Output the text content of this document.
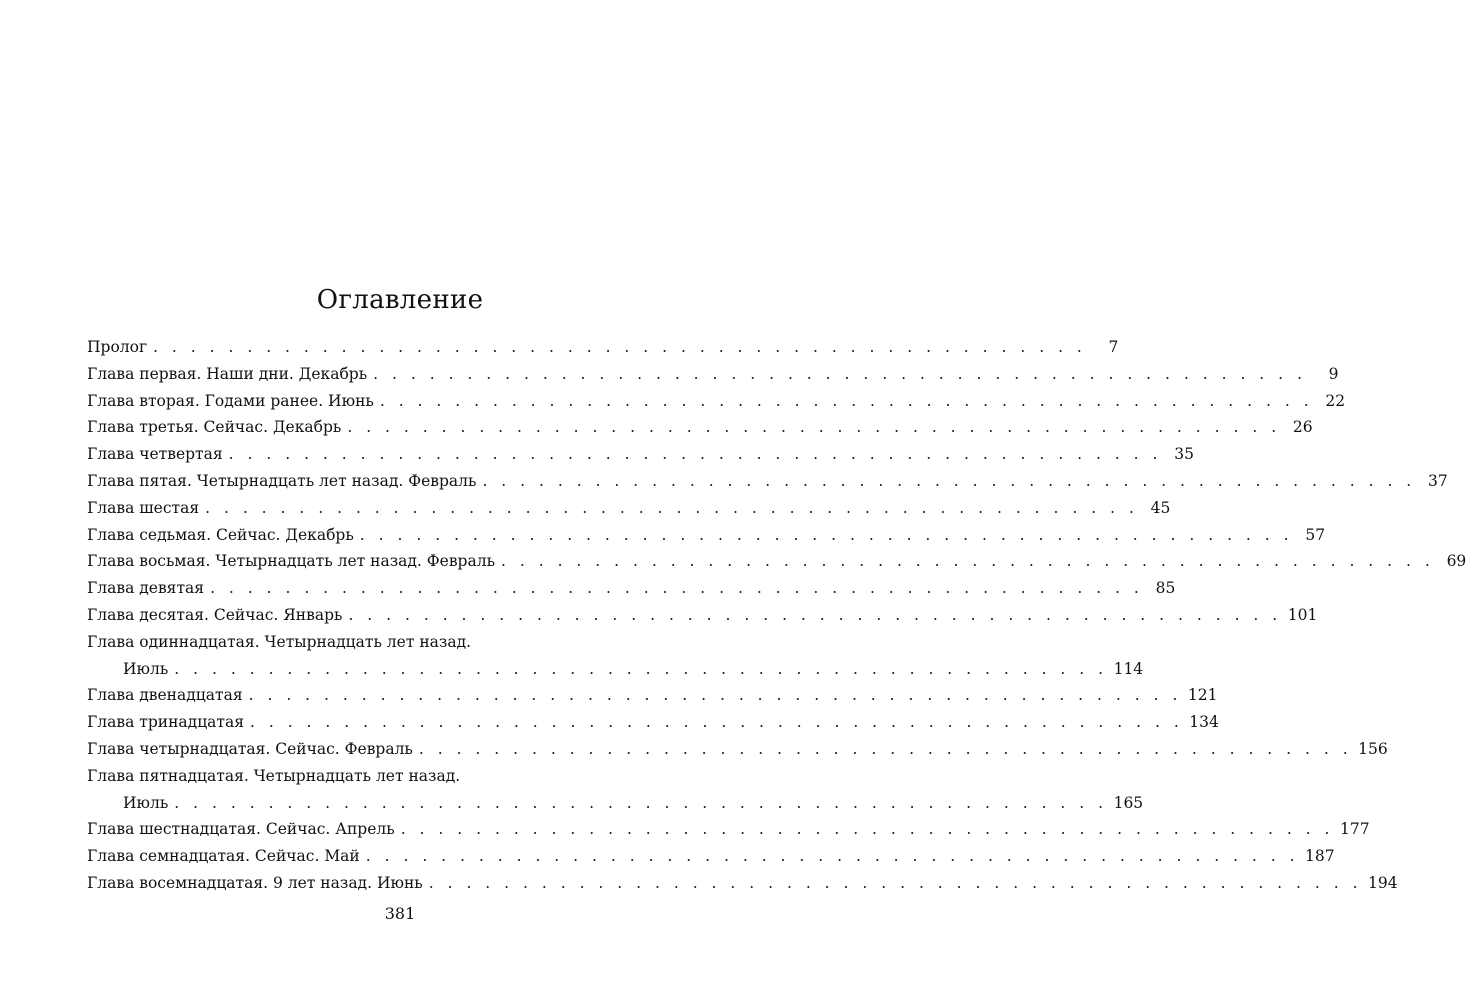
Оглавление
Пролог . . . . . . . . . . . . . . . . . . . . . . . . . . . . . . . . . . . . . . . . . . . . . . . . . .	7
Глава первая. Наши дни. Декабрь . . . . . . . . . . . . . . . . . . . . . . . . . . . . . . . . . . . . . . . . . . . . . . . . . .	9
Глава вторая. Годами ранее. Июнь . . . . . . . . . . . . . . . . . . . . . . . . . . . . . . . . . . . . . . . . . . . . . . . . . . 22
Глава третья. Сейчас. Декабрь . . . . . . . . . . . . . . . . . . . . . . . . . . . . . . . . . . . . . . . . . . . . . . . . . . 26
Глава четвертая . . . . . . . . . . . . . . . . . . . . . . . . . . . . . . . . . . . . . . . . . . . . . . . . . . 35
Глава пятая. Четырнадцать лет назад. Февраль . . . . . . . . . . . . . . . . . . . . . . . . . . . . . . . . . . . . . . . . . . . . . . . . . . 37
Глава шестая . . . . . . . . . . . . . . . . . . . . . . . . . . . . . . . . . . . . . . . . . . . . . . . . . . 45
Глава седьмая. Сейчас. Декабрь . . . . . . . . . . . . . . . . . . . . . . . . . . . . . . . . . . . . . . . . . . . . . . . . . . 57
Глава восьмая. Четырнадцать лет назад. Февраль . . . . . . . . . . . . . . . . . . . . . . . . . . . . . . . . . . . . . . . . . . . . . . . . . . 69
Глава девятая . . . . . . . . . . . . . . . . . . . . . . . . . . . . . . . . . . . . . . . . . . . . . . . . . . 85
Глава десятая. Сейчас. Январь . . . . . . . . . . . . . . . . . . . . . . . . . . . . . . . . . . . . . . . . . . . . . . . . . . 101
Глава одиннадцатая. Четырнадцать лет назад.
Июль . . . . . . . . . . . . . . . . . . . . . . . . . . . . . . . . . . . . . . . . . . . . . . . . . . 114
Глава двенадцатая . . . . . . . . . . . . . . . . . . . . . . . . . . . . . . . . . . . . . . . . . . . . . . . . . . 121
Глава тринадцатая . . . . . . . . . . . . . . . . . . . . . . . . . . . . . . . . . . . . . . . . . . . . . . . . . . 134
Глава четырнадцатая. Сейчас. Февраль . . . . . . . . . . . . . . . . . . . . . . . . . . . . . . . . . . . . . . . . . . . . . . . . . . 156
Глава пятнадцатая. Четырнадцать лет назад.
Июль . . . . . . . . . . . . . . . . . . . . . . . . . . . . . . . . . . . . . . . . . . . . . . . . . . 165
Глава шестнадцатая. Сейчас. Апрель . . . . . . . . . . . . . . . . . . . . . . . . . . . . . . . . . . . . . . . . . . . . . . . . . . 177
Глава семнадцатая. Сейчас. Май . . . . . . . . . . . . . . . . . . . . . . . . . . . . . . . . . . . . . . . . . . . . . . . . . . 187
Глава восемнадцатая. 9 лет назад. Июнь . . . . . . . . . . . . . . . . . . . . . . . . . . . . . . . . . . . . . . . . . . . . . . . . . . 194
381
